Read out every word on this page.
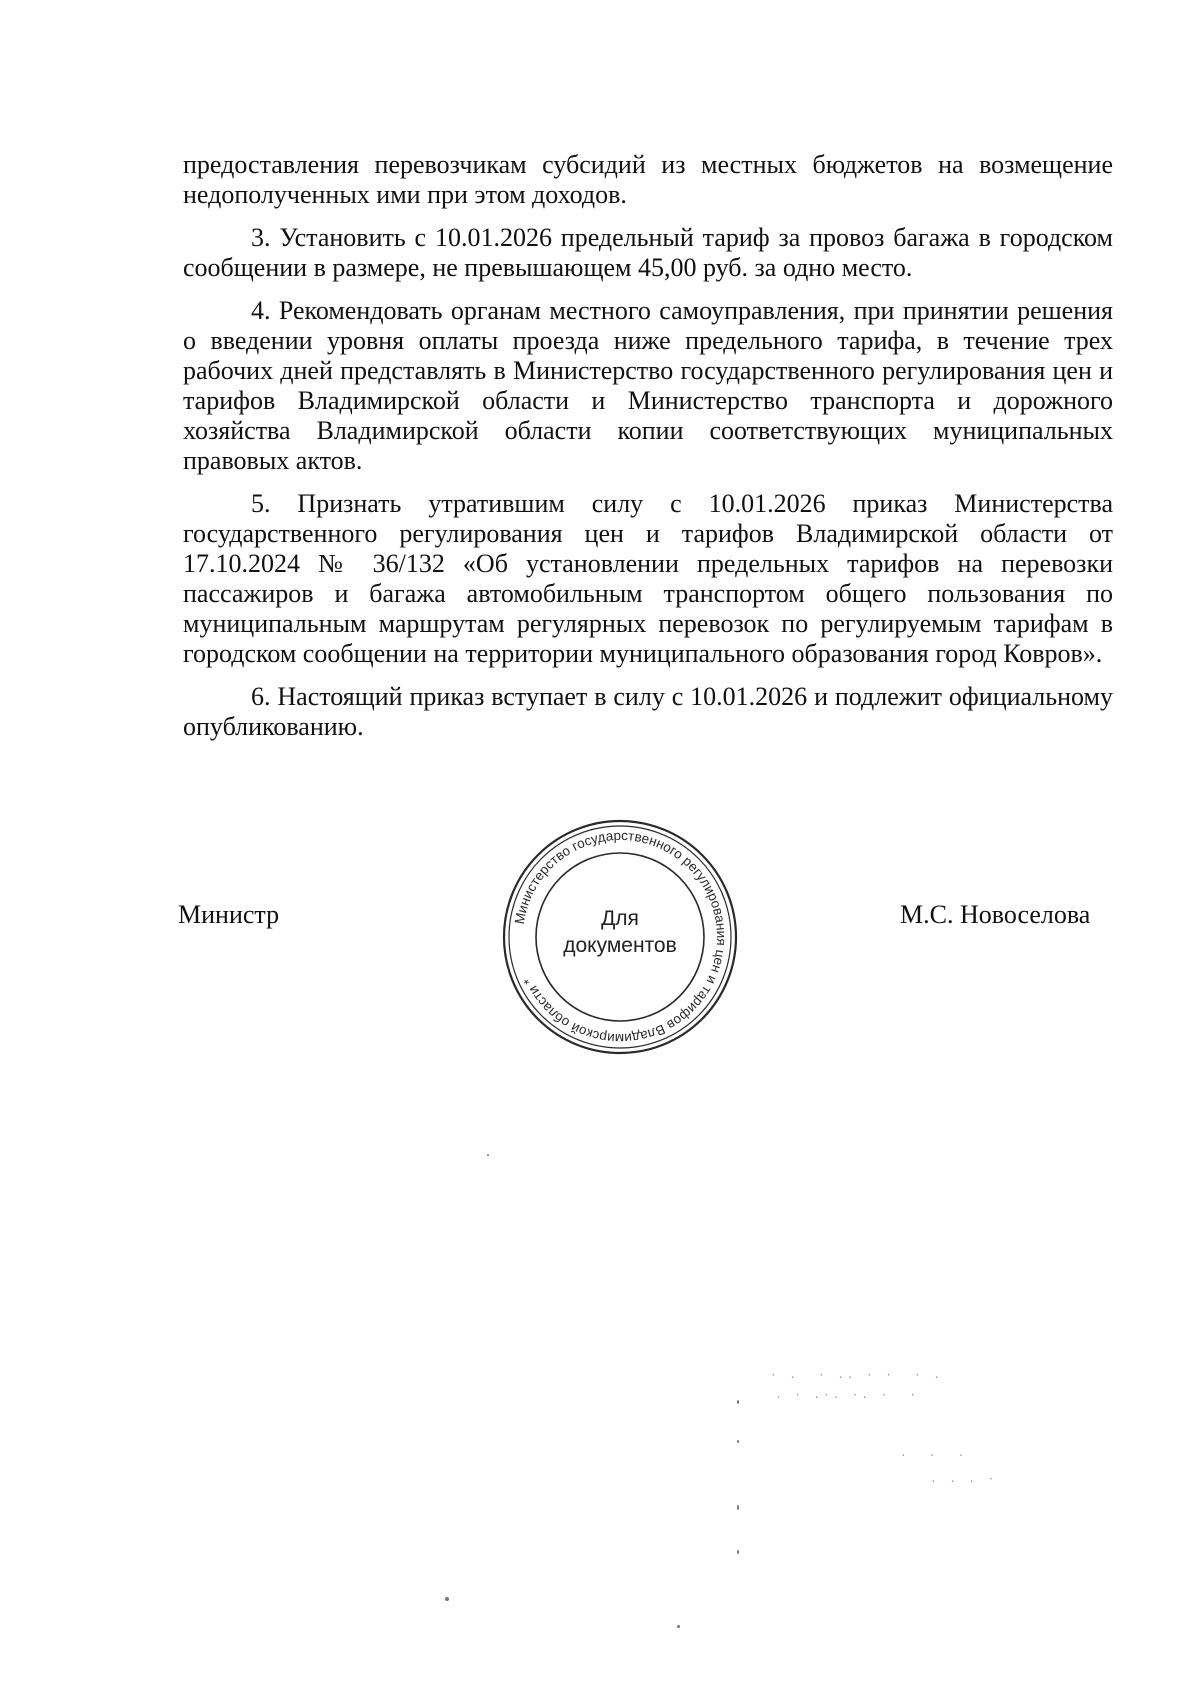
предоставления перевозчикам субсидий из местных бюджетов на возмещение недополученных ими при этом доходов.

3. Установить с 10.01.2026 предельный тариф за провоз багажа в городском сообщении в размере, не превышающем 45,00 руб. за одно место.

4. Рекомендовать органам местного самоуправления, при принятии решения о введении уровня оплаты проезда ниже предельного тарифа, в течение трех рабочих дней представлять в Министерство государственного регулирования цен и тарифов Владимирской области и Министерство транспорта и дорожного хозяйства Владимирской области копии соответствующих муниципальных правовых актов.

5. Признать утратившим силу с 10.01.2026 приказ Министерства государственного регулирования цен и тарифов Владимирской области от 17.10.2024 № 36/132 «Об установлении предельных тарифов на перевозки пассажиров и багажа автомобильным транспортом общего пользования по муниципальным маршрутам регулярных перевозок по регулируемым тарифам в городском сообщении на территории муниципального образования город Ковров».

6. Настоящий приказ вступает в силу с 10.01.2026 и подлежит официальному опубликованию.

Министр	Министерство государственного регулирования цен и тарифов Владимирской области *
Для
документов
М.С. Новоселова
· .  · .. · ·  · .
. · .·. ·. ·  ·
.  .  .
. . . ·
